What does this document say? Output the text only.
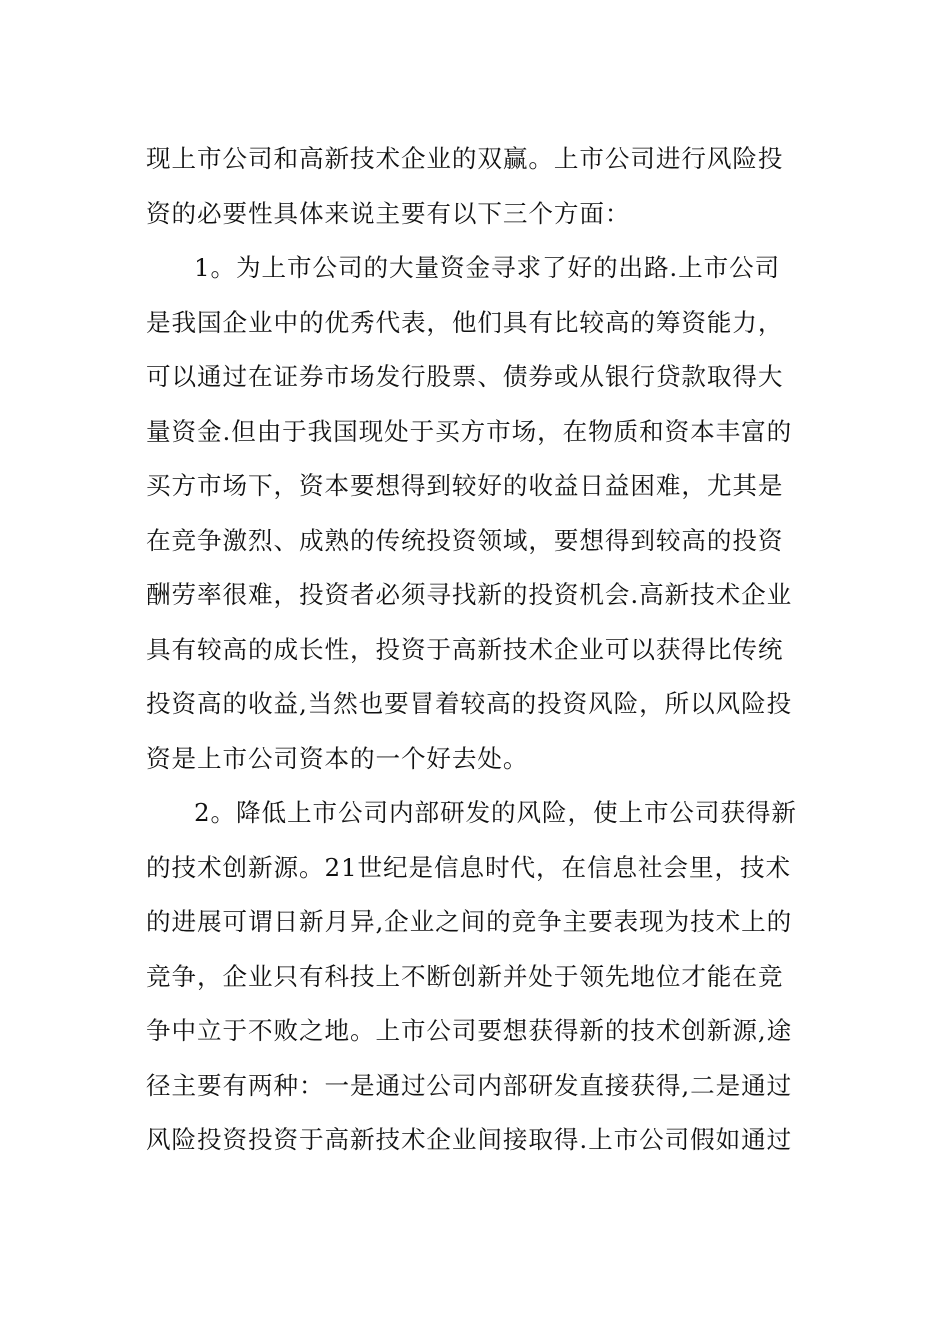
现上市公司和高新技术企业的双赢。上市公司进行风险投
资的必要性具体来说主要有以下三个方面：
1。为上市公司的大量资金寻求了好的出路.上市公司
是我国企业中的优秀代表，他们具有比较高的筹资能力，
可以通过在证券市场发行股票、债券或从银行贷款取得大
量资金.但由于我国现处于买方市场，在物质和资本丰富的
买方市场下，资本要想得到较好的收益日益困难，尤其是
在竞争激烈、成熟的传统投资领域，要想得到较高的投资
酬劳率很难，投资者必须寻找新的投资机会.高新技术企业
具有较高的成长性，投资于高新技术企业可以获得比传统
投资高的收益,当然也要冒着较高的投资风险，所以风险投
资是上市公司资本的一个好去处。
2。降低上市公司内部研发的风险，使上市公司获得新
的技术创新源。21世纪是信息时代，在信息社会里，技术
的进展可谓日新月异,企业之间的竞争主要表现为技术上的
竞争，企业只有科技上不断创新并处于领先地位才能在竞
争中立于不败之地。上市公司要想获得新的技术创新源,途
径主要有两种：一是通过公司内部研发直接获得,二是通过
风险投资投资于高新技术企业间接取得.上市公司假如通过
